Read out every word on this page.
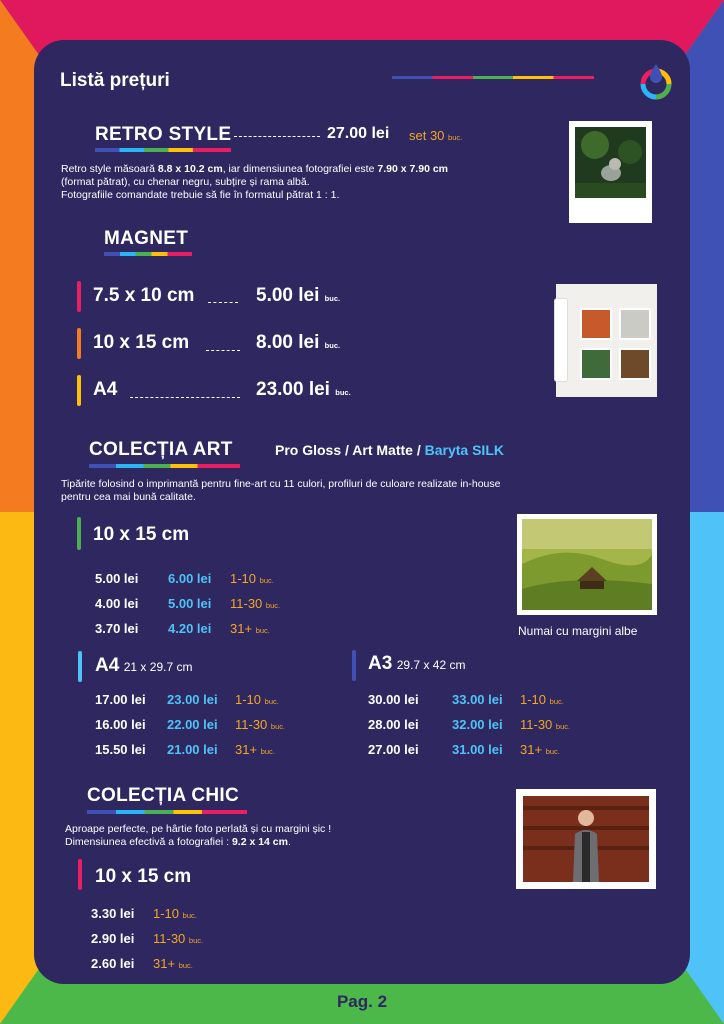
Listă prețuri
RETRO STYLE	27.00 lei set 30 buc.
Retro style măsoară 8.8 x 10.2 cm, iar dimensiunea fotografiei este 7.90 x 7.90 cm
(format pătrat), cu chenar negru, subțire și rama albă.
Fotografiile comandate trebuie să fie în formatul pătrat 1 : 1.
MAGNET
7.5 x 10 cm	5.00 lei buc.
10 x 15 cm	8.00 lei buc.
A4	23.00 lei buc.
COLECȚIA ART	Pro Gloss / Art Matte / Baryta SILK
Tipărite folosind o imprimantă pentru fine-art cu 11 culori, profiluri de culoare realizate in-house
pentru cea mai bună calitate.
10 x 15 cm
5.00 lei 6.00 lei 1-10 buc.
4.00 lei 5.00 lei 11-30 buc.
3.70 lei 4.20 lei 31+ buc.	Numai cu margini albe
A4 21 x 29.7 cm
17.00 lei 23.00 lei 1-10 buc.
16.00 lei 22.00 lei 11-30 buc.
15.50 lei 21.00 lei 31+ buc.
A3 29.7 x 42 cm
30.00 lei	33.00 lei 1-10 buc.
28.00 lei	32.00 lei 11-30 buc.
27.00 lei	31.00 lei 31+ buc.
COLECȚIA CHIC
Aproape perfecte, pe hârtie foto perlată și cu margini șic !
Dimensiunea efectivă a fotografiei : 9.2 x 14 cm.
10 x 15 cm
3.30 lei 1-10 buc.
2.90 lei 11-30 buc.
2.60 lei 31+ buc.
Pag. 2
